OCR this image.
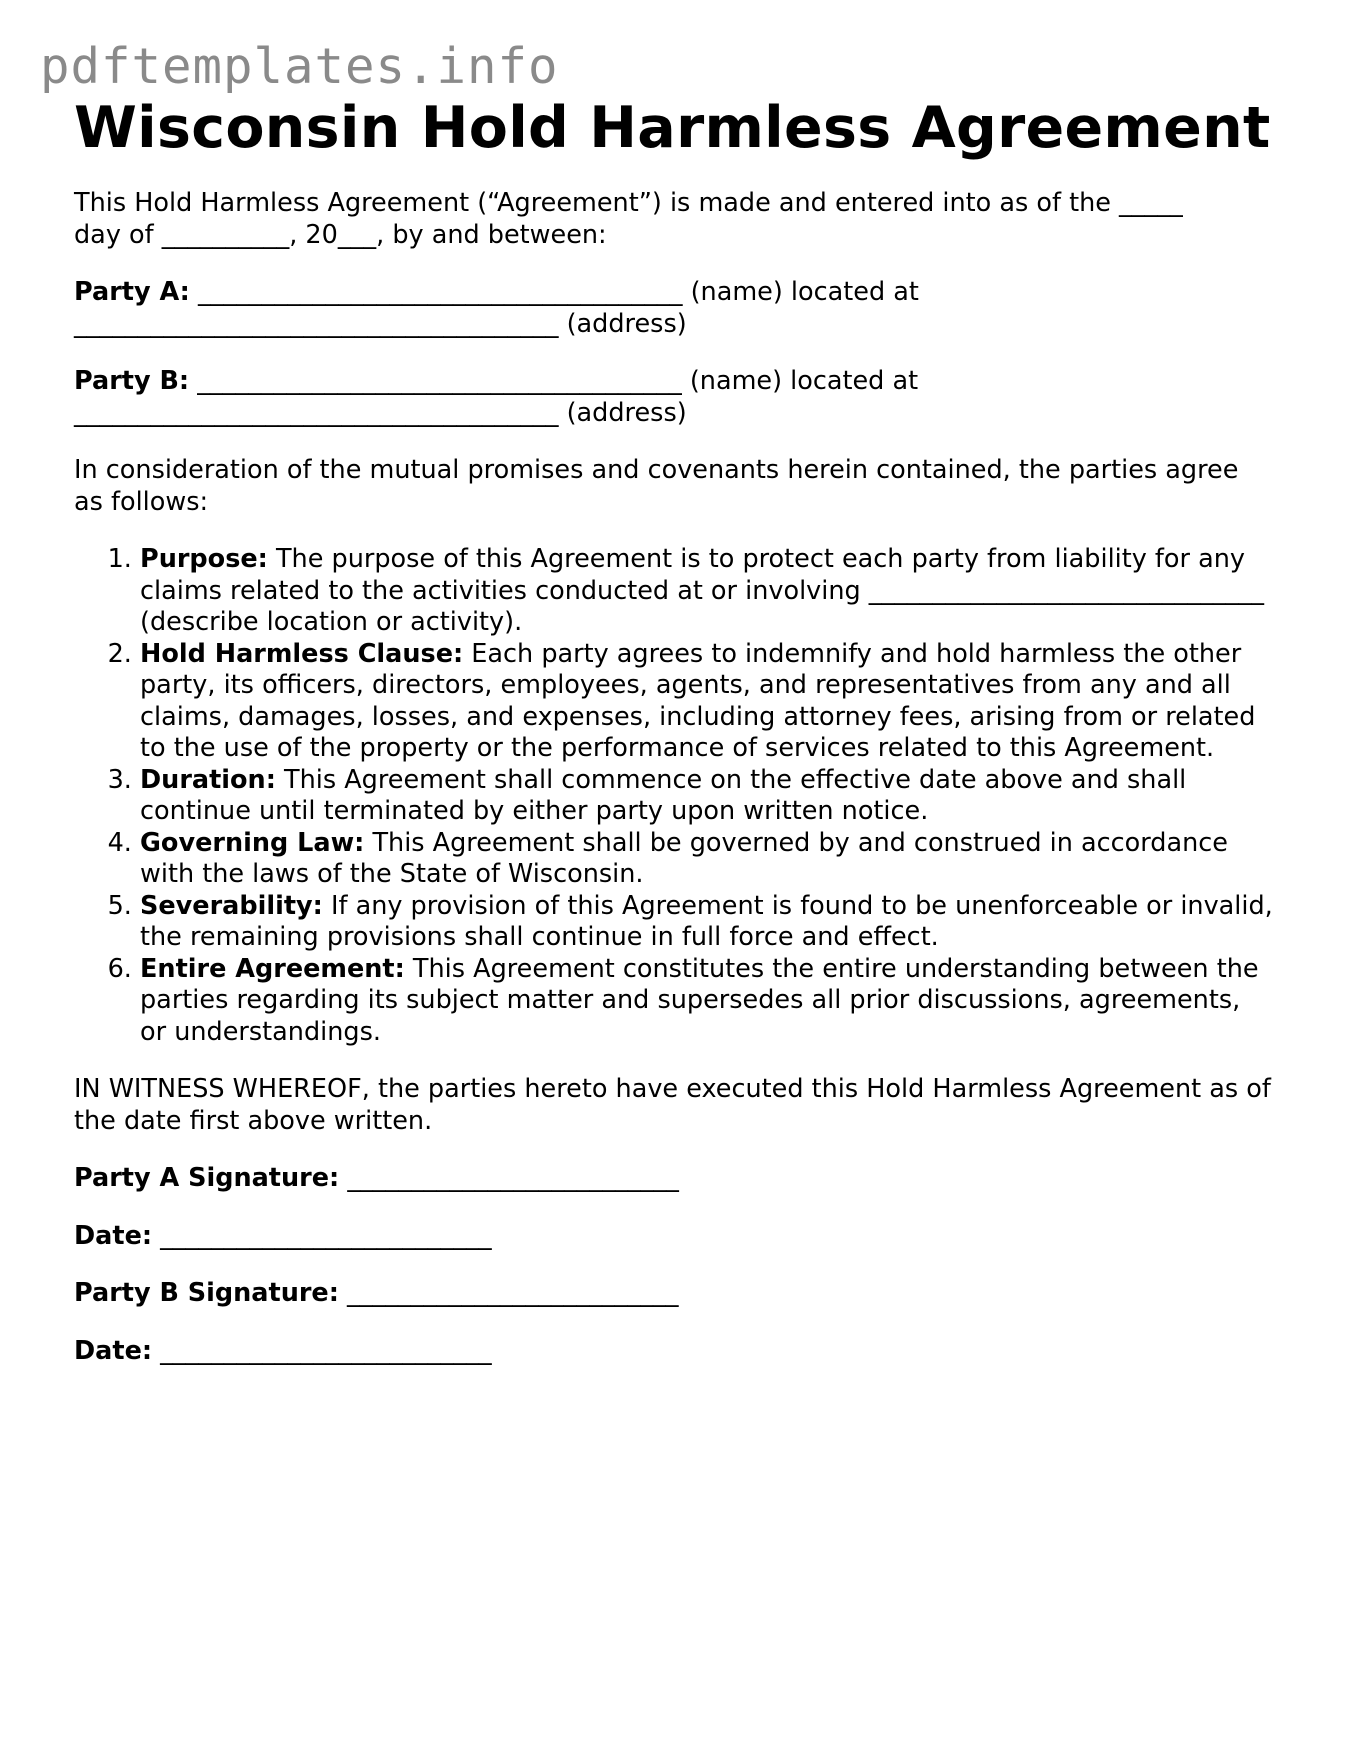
pdftemplates.info
Wisconsin Hold Harmless Agreement

This Hold Harmless Agreement (“Agreement”) is made and entered into as of the _____
day of __________, 20___, by and between:

Party A: ______________________________________ (name) located at
______________________________________ (address)

Party B: ______________________________________ (name) located at
______________________________________ (address)

In consideration of the mutual promises and covenants herein contained, the parties agree as follows:

1. Purpose: The purpose of this Agreement is to protect each party from liability for any claims related to the activities conducted at or involving _______________________________ (describe location or activity).
2. Hold Harmless Clause: Each party agrees to indemnify and hold harmless the other party, its officers, directors, employees, agents, and representatives from any and all claims, damages, losses, and expenses, including attorney fees, arising from or related to the use of the property or the performance of services related to this Agreement.
3. Duration: This Agreement shall commence on the effective date above and shall continue until terminated by either party upon written notice.
4. Governing Law: This Agreement shall be governed by and construed in accordance with the laws of the State of Wisconsin.
5. Severability: If any provision of this Agreement is found to be unenforceable or invalid, the remaining provisions shall continue in full force and effect.
6. Entire Agreement: This Agreement constitutes the entire understanding between the parties regarding its subject matter and supersedes all prior discussions, agreements, or understandings.

IN WITNESS WHEREOF, the parties hereto have executed this Hold Harmless Agreement as of the date first above written.

Party A Signature: __________________________

Date: __________________________

Party B Signature: __________________________

Date: __________________________
